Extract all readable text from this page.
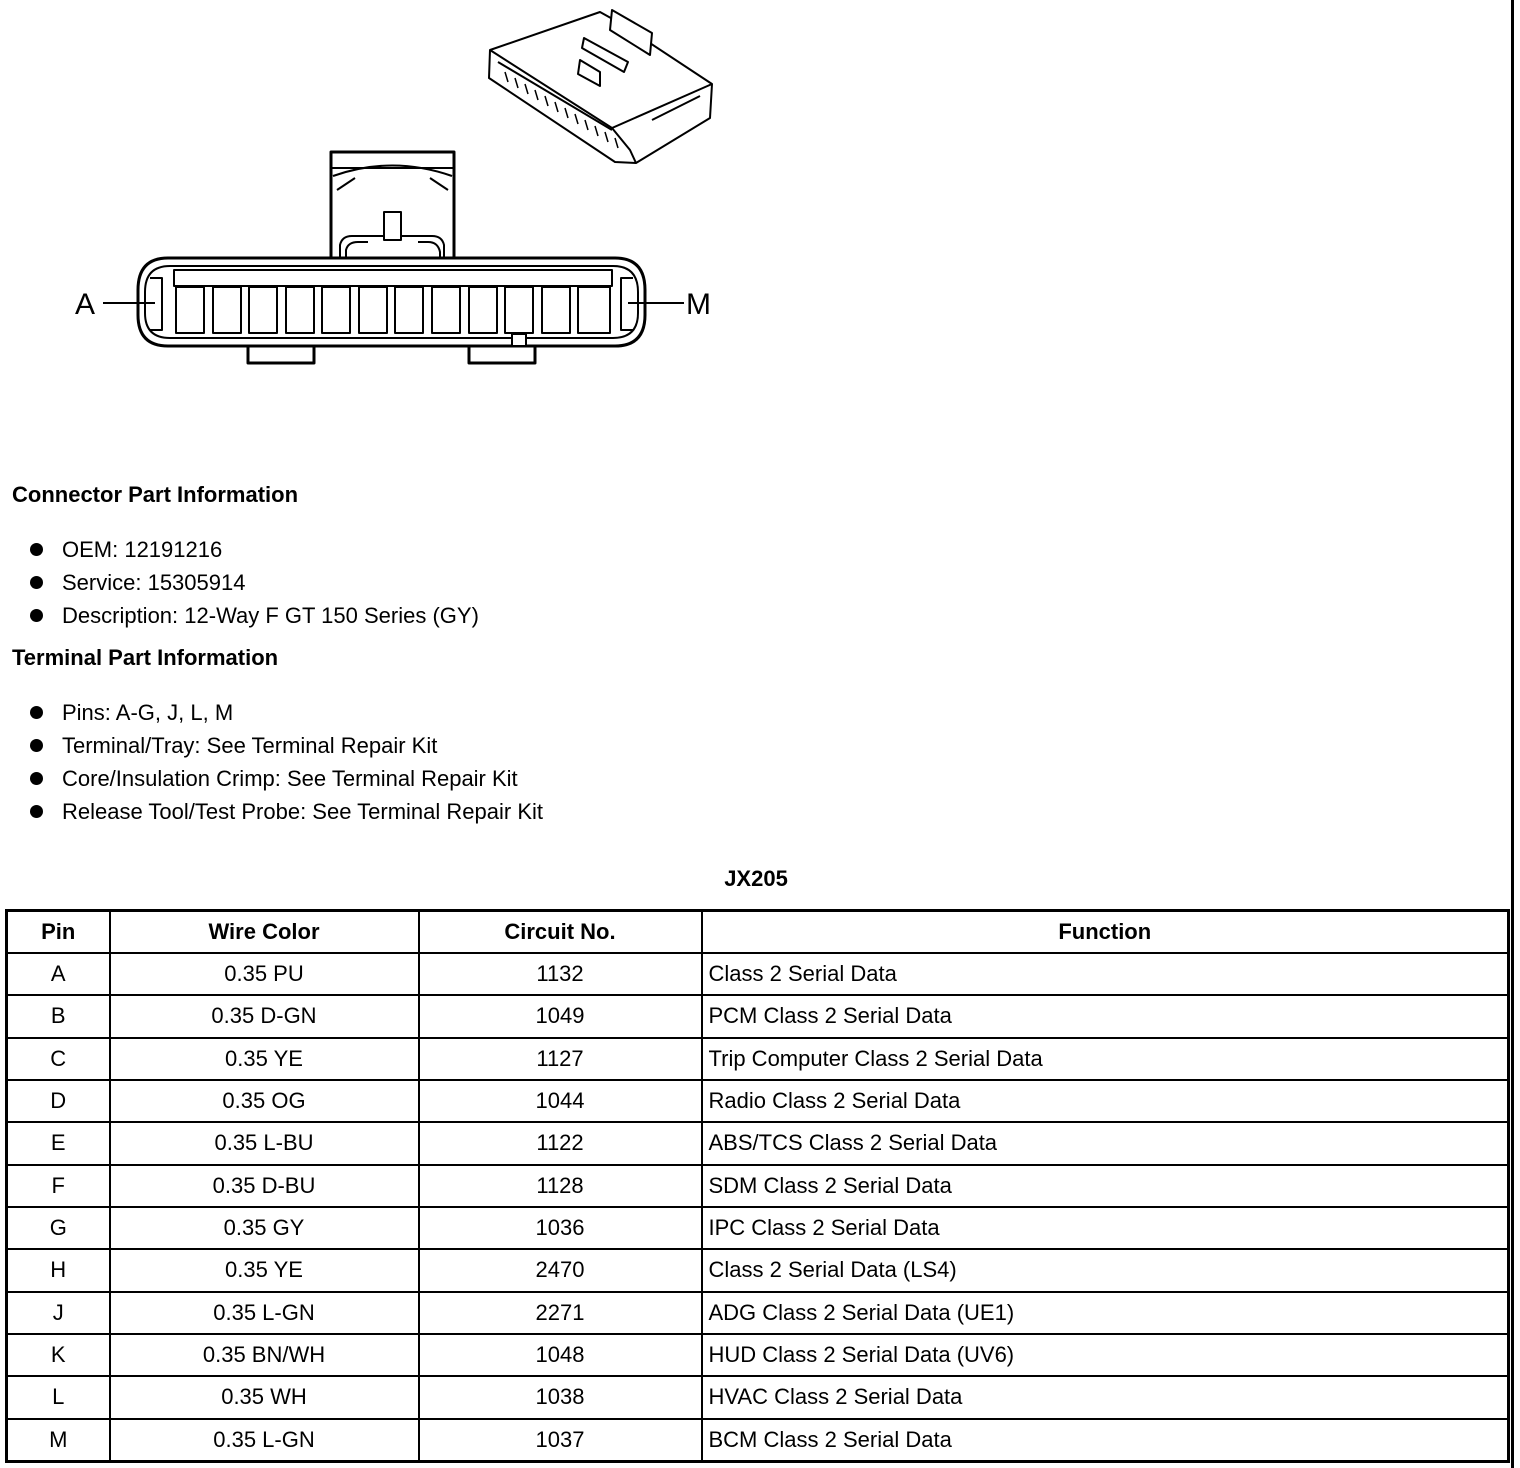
A	M
Connector Part Information
OEM: 12191216
Service: 15305914
Description: 12-Way F GT 150 Series (GY)
Terminal Part Information
Pins: A-G, J, L, M
Terminal/Tray: See Terminal Repair Kit
Core/Insulation Crimp: See Terminal Repair Kit
Release Tool/Test Probe: See Terminal Repair Kit
JX205
Pin	Wire Color	Circuit No.	Function
A	0.35 PU	1132	Class 2 Serial Data
B	0.35 D-GN	1049	PCM Class 2 Serial Data
C	0.35 YE	1127	Trip Computer Class 2 Serial Data
D	0.35 OG	1044	Radio Class 2 Serial Data
E	0.35 L-BU	1122	ABS/TCS Class 2 Serial Data
F	0.35 D-BU	1128	SDM Class 2 Serial Data
G	0.35 GY	1036	IPC Class 2 Serial Data
H	0.35 YE	2470	Class 2 Serial Data (LS4)
J	0.35 L-GN	2271	ADG Class 2 Serial Data (UE1)
K	0.35 BN/WH	1048	HUD Class 2 Serial Data (UV6)
L	0.35 WH	1038	HVAC Class 2 Serial Data
M	0.35 L-GN	1037	BCM Class 2 Serial Data
